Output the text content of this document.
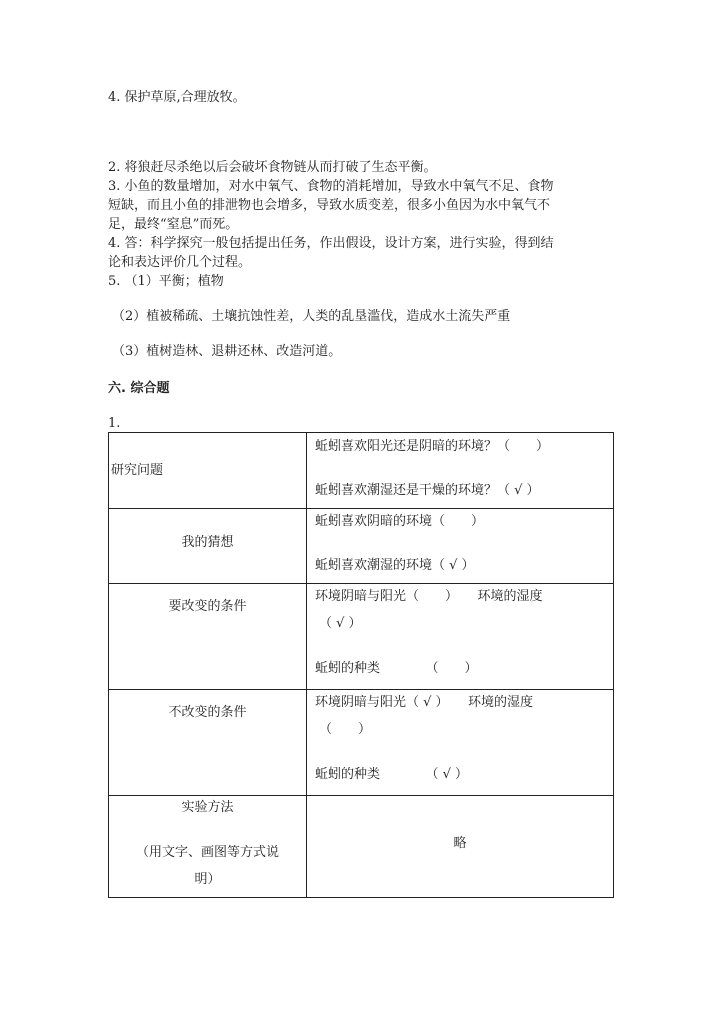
4. 保护草原,合理放牧。
2. 将狼赶尽杀绝以后会破坏食物链从而打破了生态平衡。
3. 小鱼的数量增加，对水中氧气、食物的消耗增加，导致水中氧气不足、食物
短缺，而且小鱼的排泄物也会增多，导致水质变差，很多小鱼因为水中氧气不
足，最终“窒息”而死。
4. 答：科学探究一般包括提出任务，作出假设，设计方案，进行实验，得到结
论和表达评价几个过程。
5. （1）平衡；植物
（2）植被稀疏、土壤抗蚀性差，人类的乱垦滥伐，造成水土流失严重
（3）植树造林、退耕还林、改造河道。
六. 综合题
1.
研究问题	蚯蚓喜欢阳光还是阴暗的环境？（　　）
蚯蚓喜欢潮湿还是干燥的环境？（ √ ）

我的猜想	蚯蚓喜欢阴暗的环境（　　）
蚯蚓喜欢潮湿的环境（ √ ）

要改变的条件	环境阴暗与阳光（　　）　　环境的湿度
（ √ ）
蚯蚓的种类　　　　（　　）

不改变的条件	环境阴暗与阳光（ √ ）　　环境的湿度
（　　）
蚯蚓的种类　　　　（ √ ）

实验方法
（用文字、画图等方式说
明）	略
